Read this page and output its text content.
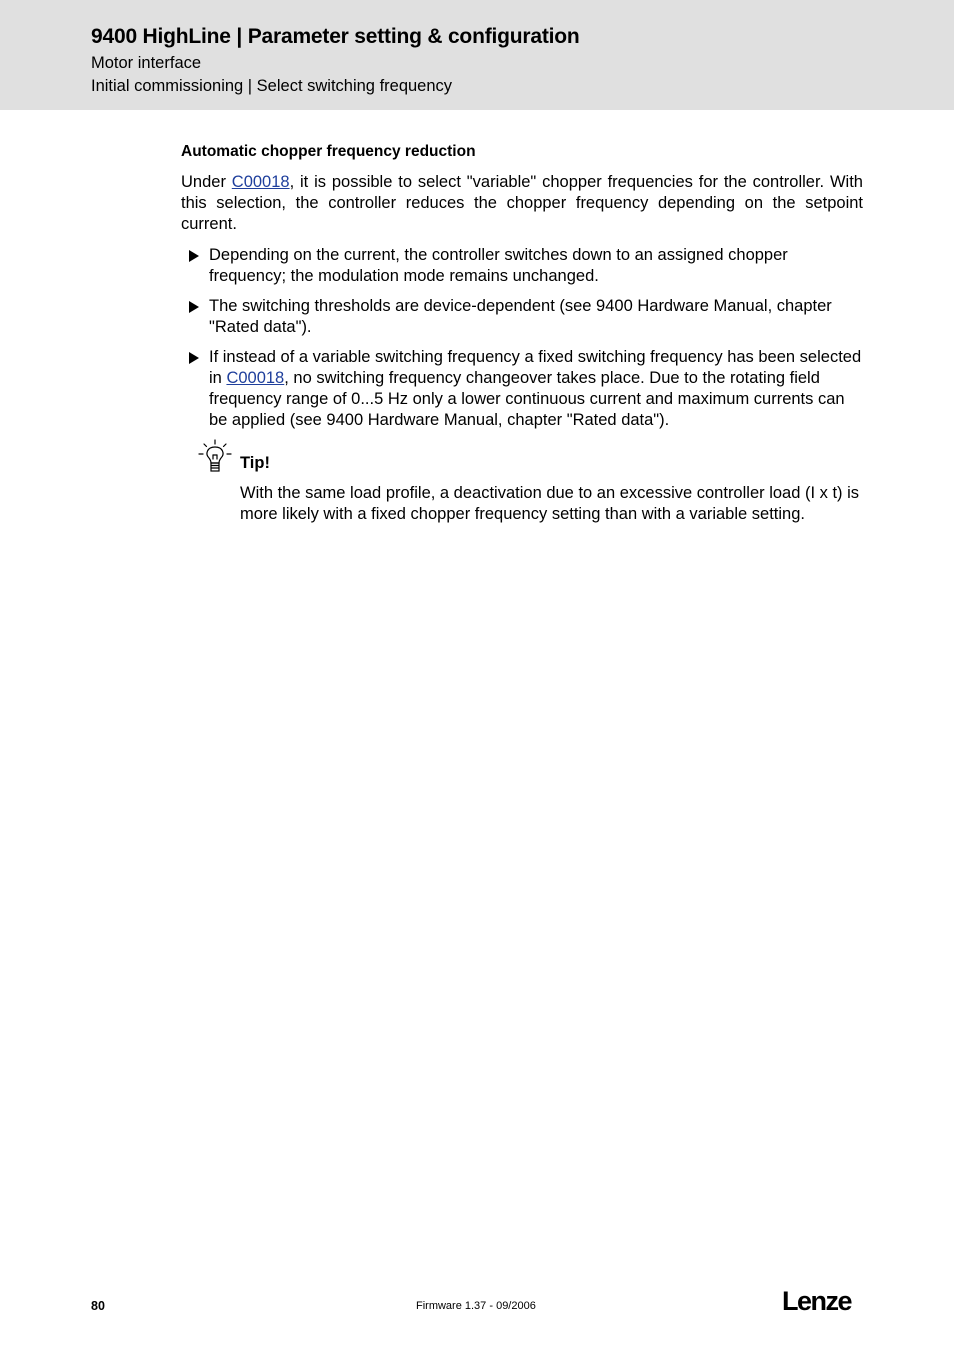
9400 HighLine | Parameter setting & configuration
Motor interface
Initial commissioning | Select switching frequency
Automatic chopper frequency reduction

Under C00018, it is possible to select "variable" chopper frequencies for the controller. With this selection, the controller reduces the chopper frequency depending on the setpoint current.

Depending on the current, the controller switches down to an assigned chopper frequency; the modulation mode remains unchanged.
The switching thresholds are device-dependent (see 9400 Hardware Manual, chapter "Rated data").
If instead of a variable switching frequency a fixed switching frequency has been selected in C00018, no switching frequency changeover takes place. Due to the rotating field frequency range of 0...5 Hz only a lower continuous current and maximum currents can be applied (see 9400 Hardware Manual, chapter "Rated data").
Tip!
With the same load profile, a deactivation due to an excessive controller load (I x t) is more likely with a fixed chopper frequency setting than with a variable setting.
80	Firmware 1.37 - 09/2006	Lenze
